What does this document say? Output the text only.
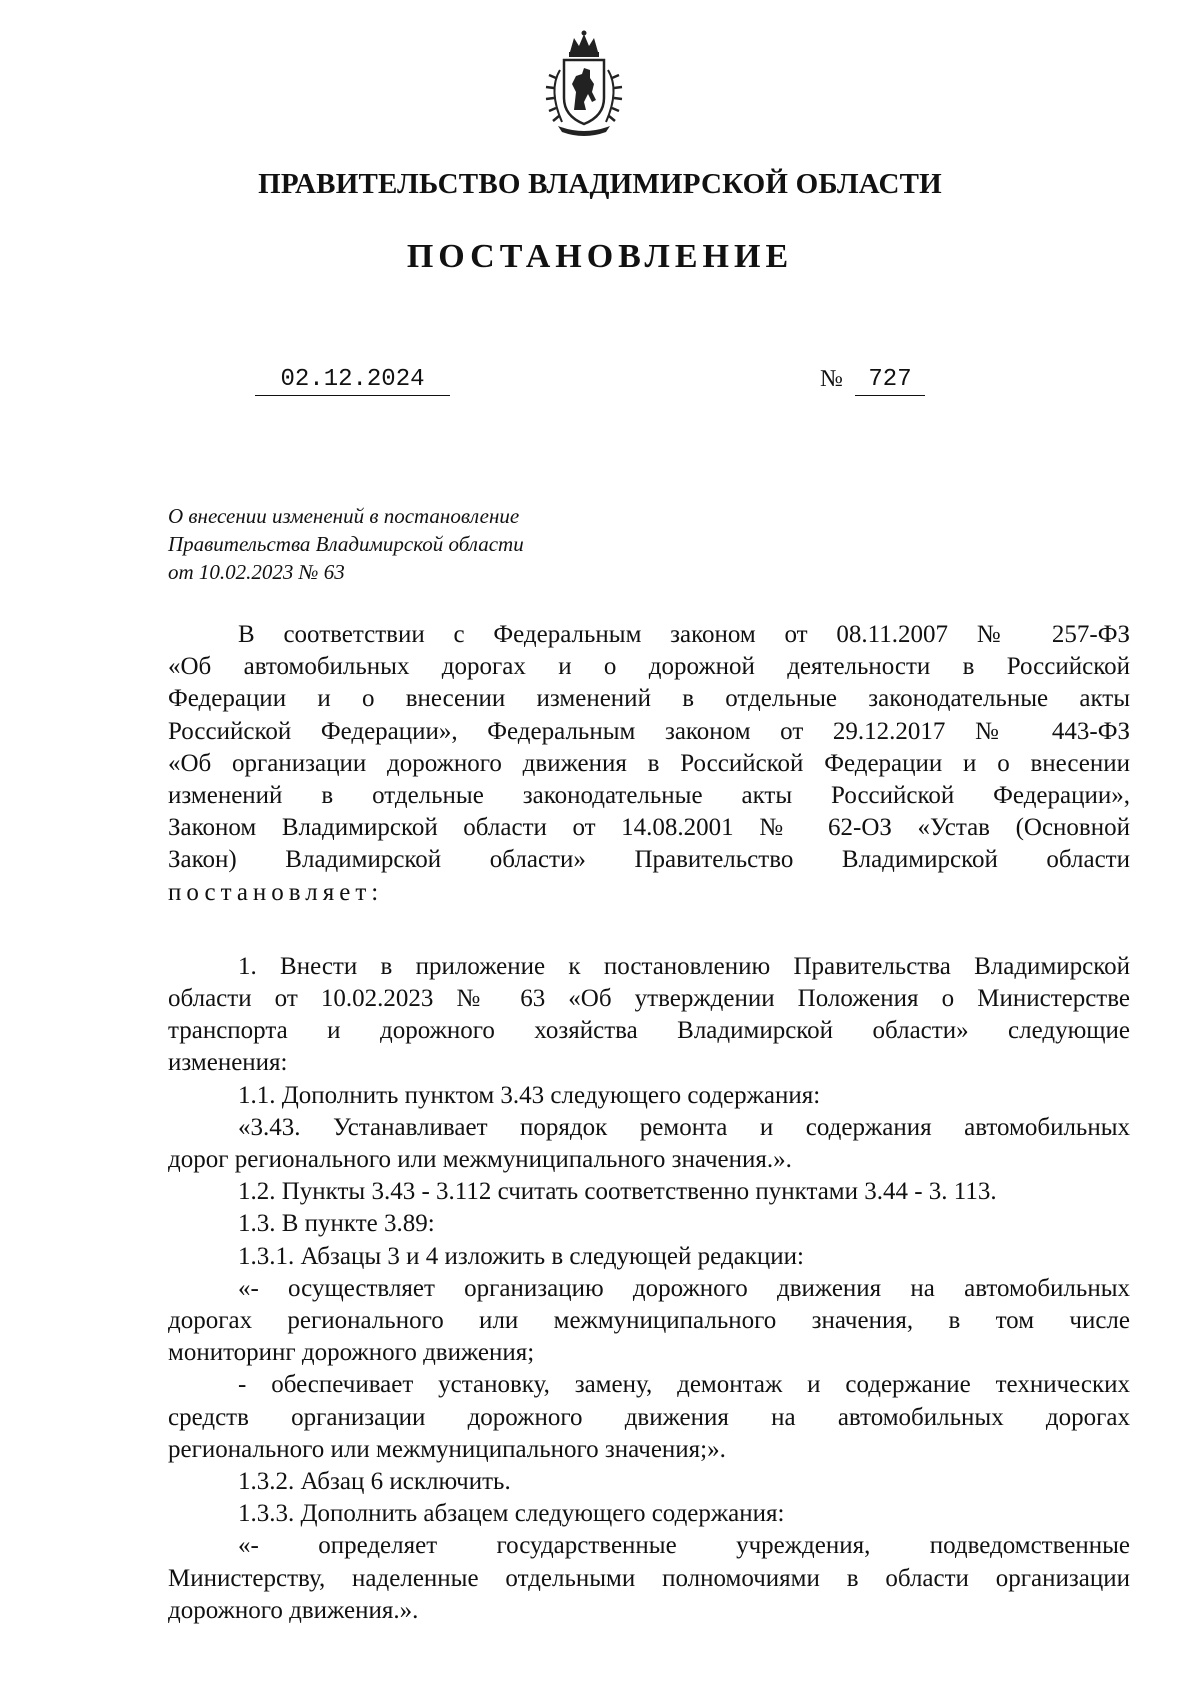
ПРАВИТЕЛЬСТВО ВЛАДИМИРСКОЙ ОБЛАСТИ
ПОСТАНОВЛЕНИЕ
02.12.2024	№	727
О внесении изменений в постановление
Правительства Владимирской области
от 10.02.2023 № 63
В соответствии с Федеральным законом от 08.11.2007 № 257-ФЗ
«Об автомобильных дорогах и о дорожной деятельности в Российской
Федерации и о внесении изменений в отдельные законодательные акты
Российской Федерации», Федеральным законом от 29.12.2017 № 443-ФЗ
«Об организации дорожного движения в Российской Федерации и о внесении
изменений в отдельные законодательные акты Российской Федерации»,
Законом Владимирской области от 14.08.2001 № 62-ОЗ «Устав (Основной
Закон) Владимирской области» Правительство Владимирской области
постановляет:
1. Внести в приложение к постановлению Правительства Владимирской
области от 10.02.2023 № 63 «Об утверждении Положения о Министерстве
транспорта и дорожного хозяйства Владимирской области» следующие
изменения:
1.1. Дополнить пунктом 3.43 следующего содержания:
«3.43. Устанавливает порядок ремонта и содержания автомобильных
дорог регионального или межмуниципального значения.».
1.2. Пункты 3.43 - 3.112 считать соответственно пунктами 3.44 - 3. 113.
1.3. В пункте 3.89:
1.3.1. Абзацы 3 и 4 изложить в следующей редакции:
«- осуществляет организацию дорожного движения на автомобильных
дорогах регионального или межмуниципального значения, в том числе
мониторинг дорожного движения;
- обеспечивает установку, замену, демонтаж и содержание технических
средств организации дорожного движения на автомобильных дорогах
регионального или межмуниципального значения;».
1.3.2. Абзац 6 исключить.
1.3.3. Дополнить абзацем следующего содержания:
«- определяет государственные учреждения, подведомственные
Министерству, наделенные отдельными полномочиями в области организации
дорожного движения.».
